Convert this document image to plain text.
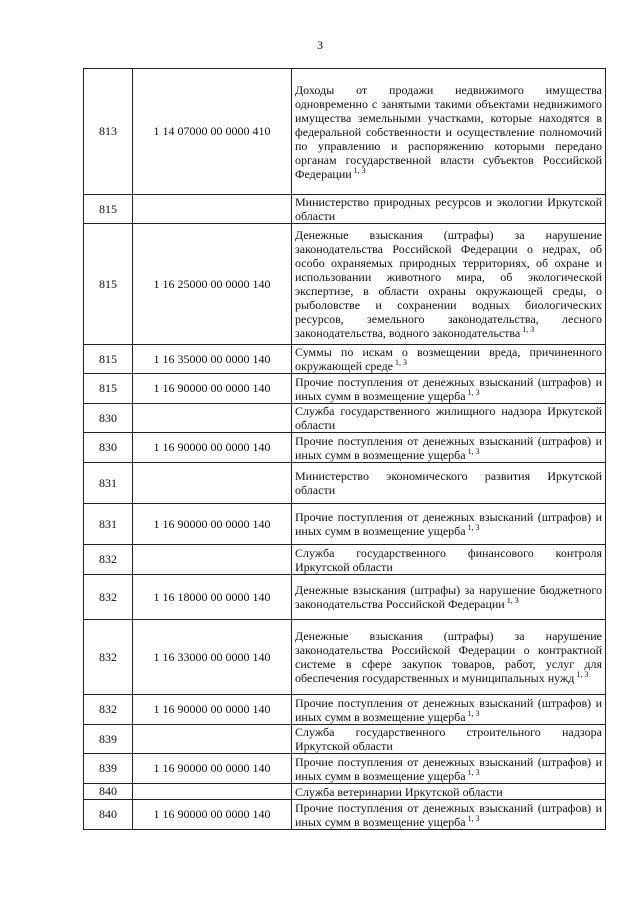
3
813	1 14 07000 00 0000 410	Доходы от продажи недвижимого имущества одновременно с занятыми такими объектами недвижимого имущества земельными участками, которые находятся в федеральной собственности и осуществление полномочий по управлению и распоряжению которыми передано органам государственной власти субъектов Российской Федерации $^{1, 3}$
815		Министерство природных ресурсов и экологии Иркутской области
815	1 16 25000 00 0000 140	Денежные взыскания (штрафы) за нарушение законодательства Российской Федерации о недрах, об особо охраняемых природных территориях, об охране и использовании животного мира, об экологической экспертизе, в области охраны окружающей среды, о рыболовстве и сохранении водных биологических ресурсов, земельного законодательства, лесного законодательства, водного законодательства $^{1, 3}$
815	1 16 35000 00 0000 140	Суммы по искам о возмещении вреда, причиненного окружающей среде $^{1, 3}$
815	1 16 90000 00 0000 140	Прочие поступления от денежных взысканий (штрафов) и иных сумм в возмещение ущерба $^{1, 3}$
830		Служба государственного жилищного надзора Иркутской области
830	1 16 90000 00 0000 140	Прочие поступления от денежных взысканий (штрафов) и иных сумм в возмещение ущерба $^{1, 3}$
831		Министерство экономического развития Иркутской области
831	1 16 90000 00 0000 140	Прочие поступления от денежных взысканий (штрафов) и иных сумм в возмещение ущерба $^{1, 3}$
832		Служба государственного финансового контроля Иркутской области
832	1 16 18000 00 0000 140	Денежные взыскания (штрафы) за нарушение бюджетного законодательства Российской Федерации $^{1, 3}$
832	1 16 33000 00 0000 140	Денежные взыскания (штрафы) за нарушение законодательства Российской Федерации о контрактной системе в сфере закупок товаров, работ, услуг для обеспечения государственных и муниципальных нужд $^{1, 3}$
832	1 16 90000 00 0000 140	Прочие поступления от денежных взысканий (штрафов) и иных сумм в возмещение ущерба $^{1, 3}$
839		Служба государственного строительного надзора Иркутской области
839	1 16 90000 00 0000 140	Прочие поступления от денежных взысканий (штрафов) и иных сумм в возмещение ущерба $^{1, 3}$
840		Служба ветеринарии Иркутской области
840	1 16 90000 00 0000 140	Прочие поступления от денежных взысканий (штрафов) и иных сумм в возмещение ущерба $^{1, 3}$
